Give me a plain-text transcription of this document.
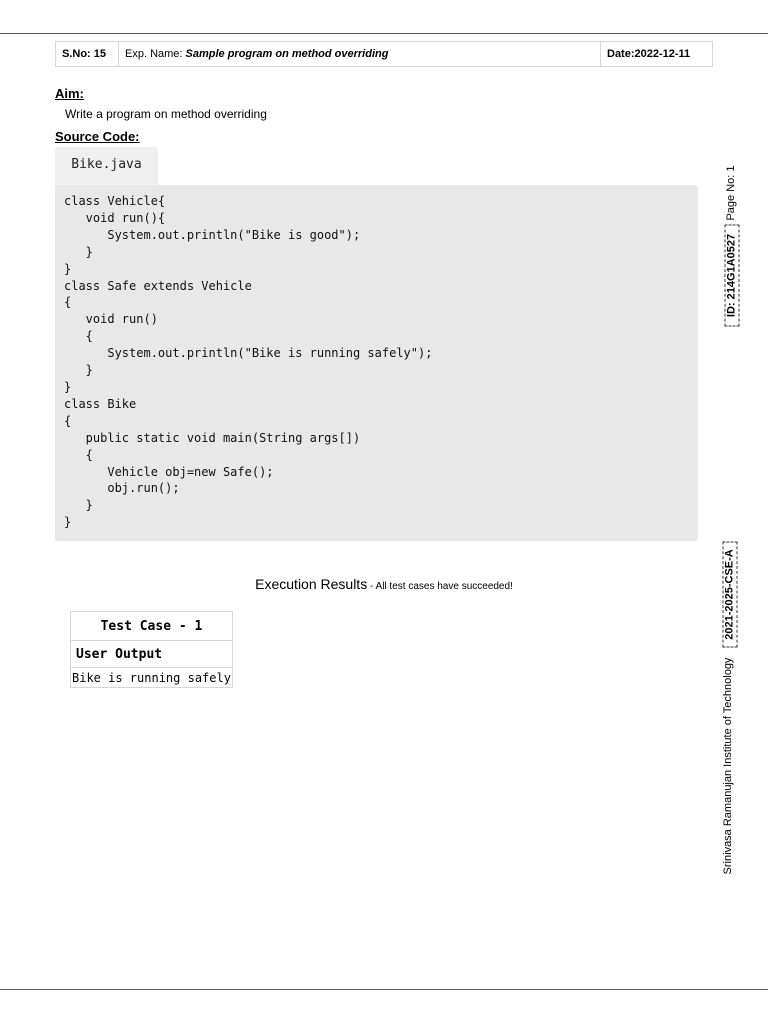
S.No: 15	Exp. Name: Sample program on method overriding	Date:2022-12-11
Aim:
Write a program on method overriding
Source Code:
Bike.java
class Vehicle{
void run(){
System.out.println("Bike is good");
}
}
class Safe extends Vehicle
{
void run()
{
System.out.println("Bike is running safely");
}
}
class Bike
{
public static void main(String args[])
{
Vehicle obj=new Safe();
obj.run();
}
}
Execution Results - All test cases have succeeded!
Test Case - 1
User Output
Bike is running safely
Page No: 1
ID: 214G1A0527
2021-2025-CSE-A
Srinivasa Ramanujan Institute of Technology
